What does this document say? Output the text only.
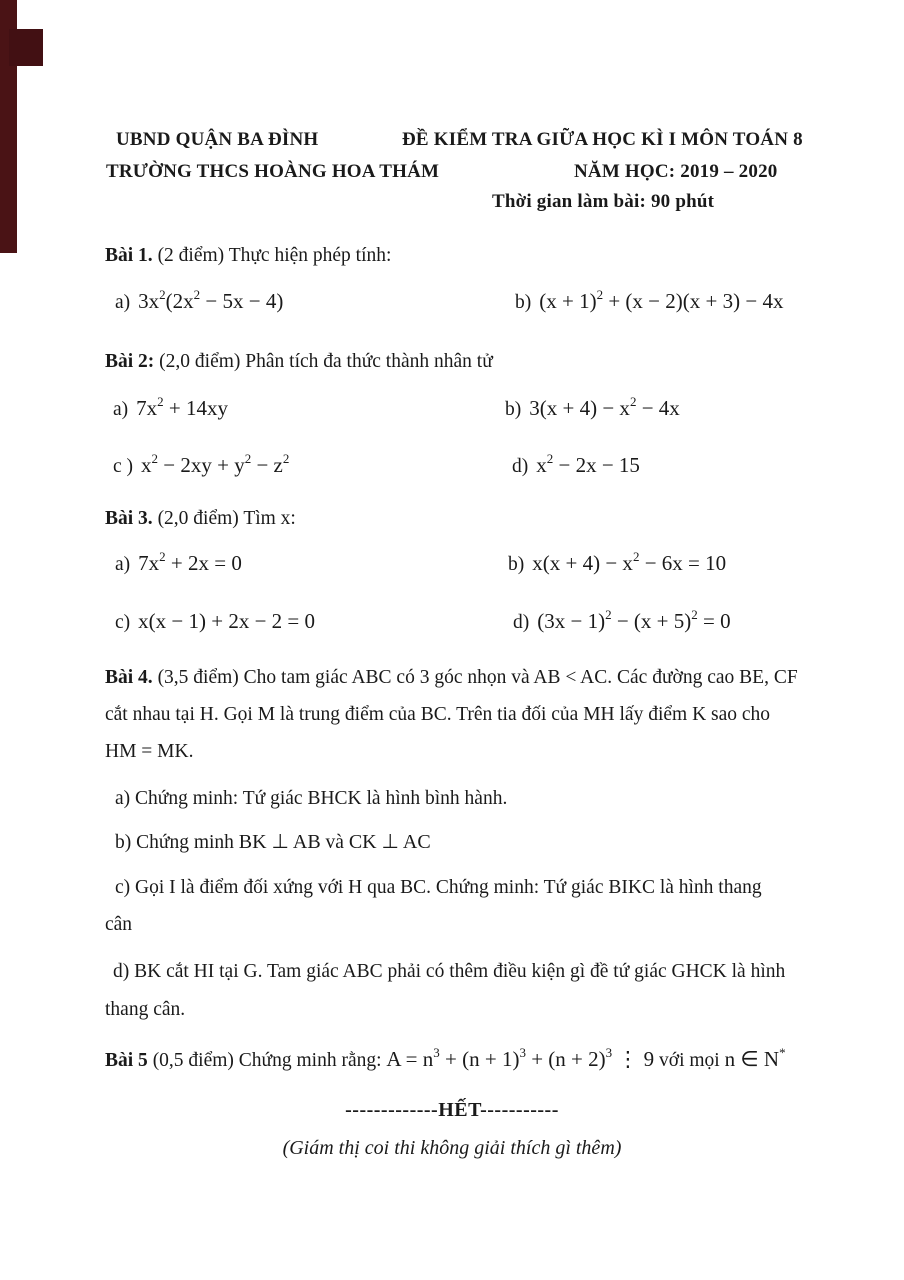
UBND QUẬN BA ĐÌNH	ĐỀ KIỂM TRA GIỮA HỌC KÌ I MÔN TOÁN 8
TRƯỜNG THCS HOÀNG HOA THÁM	NĂM HỌC: 2019 – 2020
Thời gian làm bài: 90 phút
Bài 1. (2 điểm) Thực hiện phép tính:
a) $3x^2(2x^2 - 5x - 4)$	b) $(x + 1)^2 + (x - 2)(x + 3) - 4x$
Bài 2: (2,0 điểm) Phân tích đa thức thành nhân tử
a) $7x^2 + 14xy$	b) $3(x + 4) - x^2 - 4x$
c ) $x^2 - 2xy + y^2 - z^2$	d) $x^2 - 2x - 15$
Bài 3. (2,0 điểm) Tìm x:
a) $7x^2 + 2x = 0$	b) $x(x + 4) - x^2 - 6x = 10$
c) x(x − 1) + 2x − 2 = 0	d) $(3x - 1)^2 - (x + 5)^2 = 0$
Bài 4. (3,5 điểm) Cho tam giác ABC có 3 góc nhọn và AB < AC. Các đường cao BE, CF
cắt nhau tại H. Gọi M là trung điểm của BC. Trên tia đối của MH lấy điểm K sao cho
HM = MK.
a) Chứng minh: Tứ giác BHCK là hình bình hành.
b) Chứng minh BK ⊥ AB và CK ⊥ AC
c) Gọi I là điểm đối xứng với H qua BC. Chứng minh: Tứ giác BIKC là hình thang
cân
d) BK cắt HI tại G. Tam giác ABC phải có thêm điều kiện gì đề tứ giác GHCK là hình
thang cân.
Bài 5 (0,5 điểm) Chứng minh rằng: $A = n^3 + (n + 1)^3 + (n + 2)^3$ ⋮ 9 với mọi n ∈ N*
-------------HẾT-----------
(Giám thị coi thi không giải thích gì thêm)
